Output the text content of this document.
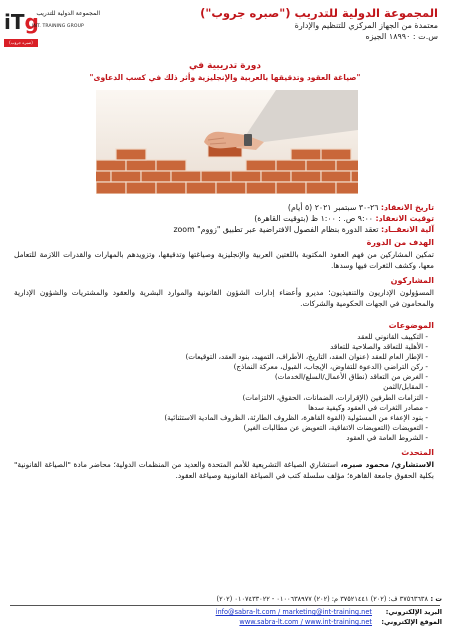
iTg
المجموعة الدولية للتدريب
INT. TRAINING GROUP
(صبره جروب)
المجموعة الدولية للتدريب ("صبره جروب")
معتمدة من الجهاز المركزي للتنظيم والإدارة
س.ت : ١٨٩٩٠ الجيزه
دورة تدريبية في
"صياغة العقود وتدقيقها بالعربية والإنجليزية وأثر ذلك في كسب الدعاوى"
تاريخ الانعقاد: ٢٦-٣٠ سبتمبر ٢٠٢١ (٥ أيام)
توقيت الانعقاد: ٩:٠٠ ص. : ١:٠٠ ظ (بتوقيت القاهرة)
آلية الانعقــاد: تعقد الدورة بنظام الفصول الافتراضية عبر تطبيق "زووم" zoom
الهدف من الدورة
تمكين المشاركين من فهم العقود المكتوبة باللغتين العربية والإنجليزية وصياغتها وتدقيقها، وتزويدهم بالمهارات والقدرات اللازمة للتعامل معها، وكشف الثغرات فيها وسدها.
المشاركون
المسؤولون الإداريون والتنفيذيون؛ مديرو وأعضاء إدارات الشؤون القانونية والموارد البشرية والعقود والمشتريات والشؤون الإدارية والمحامون في الجهات الحكومية والشركات.
الموضوعات
- التكييف القانوني للعقد
- الأهلية للتعاقد والصلاحية للتعاقد
- الإطار العام للعقد (عنوان العقد، التاريخ، الأطراف، التمهيد، بنود العقد، التوقيعات)
- ركن التراضي (الدعوة للتفاوض، الإيجاب، القبول، معركة النماذج)
- الغرض من التعاقد (نطاق الأعمال/السلع/الخدمات)
- المقابل/الثمن
- التزامات الطرفين (الإقرارات، الضمانات، الحقوق، الالتزامات)
- مصادر الثغرات في العقود وكيفية سدها
- بنود الإعفاء من المسئولية (القوة القاهرة، الظروف الطارئة، الظروف المادية الاستثنائية)
- التعويضات (التعويضات الاتفاقية، التعويض عن مطالبات الغير)
- الشروط العامة في العقود
المتحدث
الاستشاري/ محمود صبره، استشاري الصياغة التشريعية للأمم المتحدة والعديد من المنظمات الدولية؛ محاضر مادة "الصياغة القانونية" بكلية الحقوق جامعة القاهرة؛ مؤلف سلسلة كتب في الصياغة القانونية وصياغة العقود.
ت :
(٢٠٢) ٣٧٥٦٣٦٣٨ ف: (٢٠٢) ٣٧٥٢١٤٤١ م: (٢٠٢) ٠١٠٠٦٣٨٩٧٧ - ٠١٠٧٤٣٣٠٢٢
البريد الإلكتروني:
info@sabra-lt.com / marketing@int-training.net
الموقع الإلكتروني:
www.sabra-lt.com / www.int-training.net
